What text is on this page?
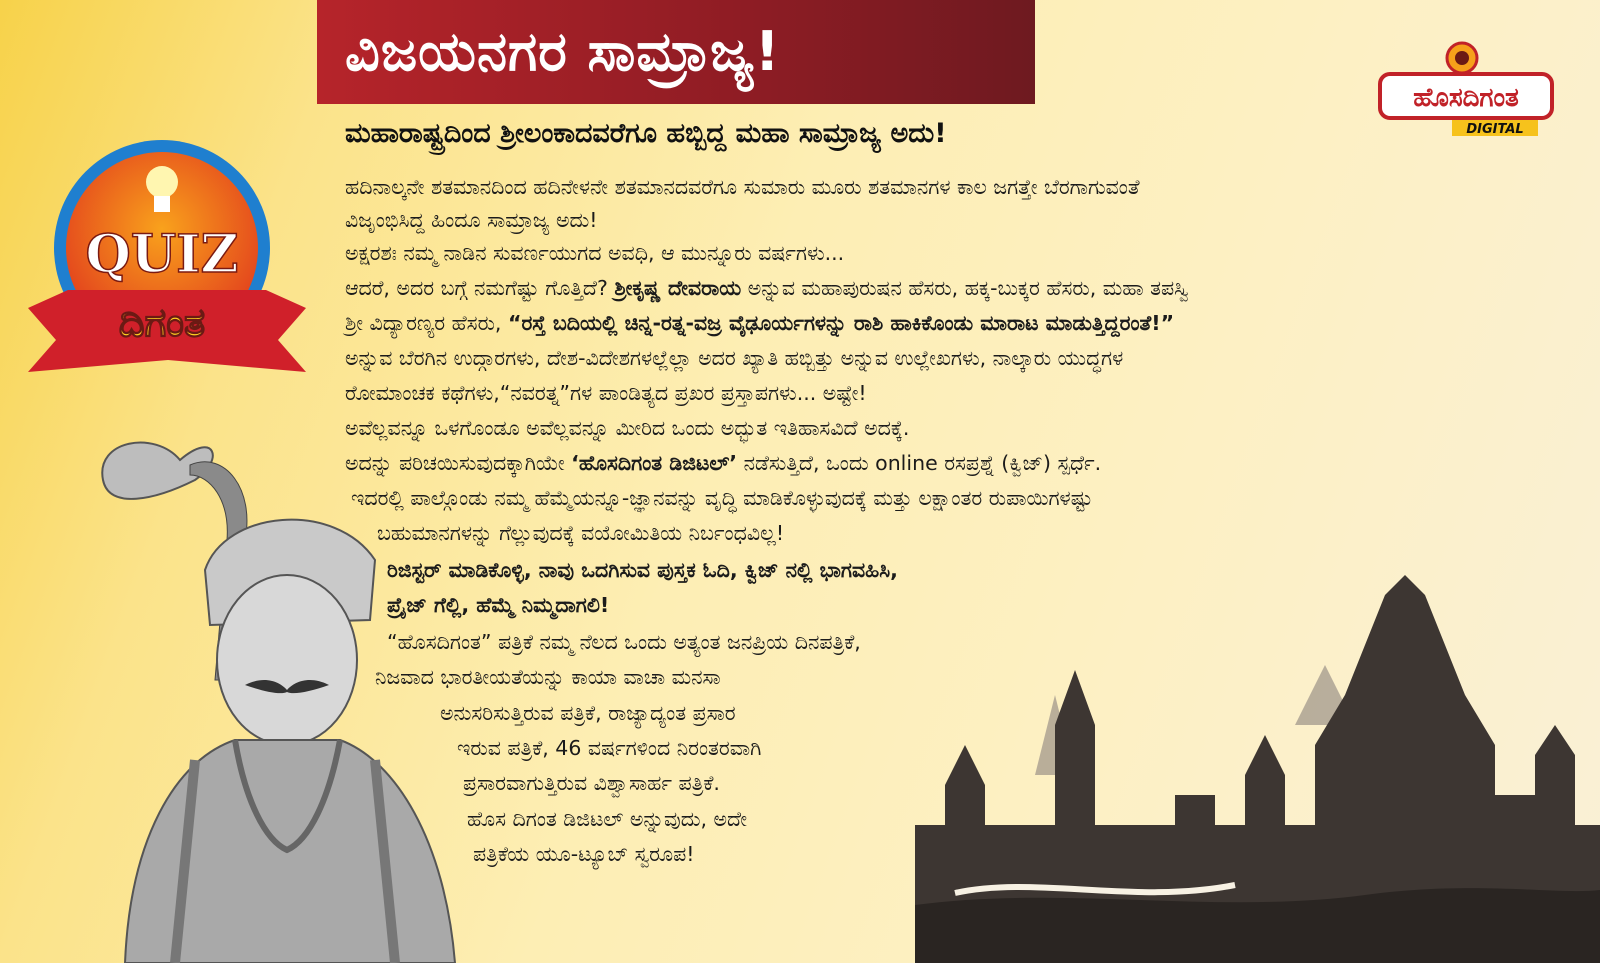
ವಿಜಯನಗರ ಸಾಮ್ರಾಜ್ಯ!
ಹೊಸದಿಗಂತ
DIGITAL
QUIZ
ದಿಗಂತ
ಮಹಾರಾಷ್ಟ್ರದಿಂದ ಶ್ರೀಲಂಕಾದವರೆಗೂ ಹಬ್ಬಿದ್ದ ಮಹಾ ಸಾಮ್ರಾಜ್ಯ ಅದು!
ಹದಿನಾಲ್ಕನೇ ಶತಮಾನದಿಂದ ಹದಿನೇಳನೇ ಶತಮಾನದವರೆಗೂ ಸುಮಾರು ಮೂರು ಶತಮಾನಗಳ ಕಾಲ ಜಗತ್ತೇ ಬೆರಗಾಗುವಂತೆ
ವಿಜೃಂಭಿಸಿದ್ದ ಹಿಂದೂ ಸಾಮ್ರಾಜ್ಯ ಅದು!
ಅಕ್ಷರಶಃ ನಮ್ಮ ನಾಡಿನ ಸುವರ್ಣಯುಗದ ಅವಧಿ, ಆ ಮುನ್ನೂರು ವರ್ಷಗಳು...
ಆದರೆ, ಅದರ ಬಗ್ಗೆ ನಮಗೆಷ್ಟು ಗೊತ್ತಿದೆ? ಶ್ರೀಕೃಷ್ಣ ದೇವರಾಯ ಅನ್ನುವ ಮಹಾಪುರುಷನ ಹೆಸರು, ಹಕ್ಕ-ಬುಕ್ಕರ ಹೆಸರು, ಮಹಾ ತಪಸ್ವಿ
ಶ್ರೀ ವಿದ್ಯಾರಣ್ಯರ ಹೆಸರು, “ರಸ್ತೆ ಬದಿಯಲ್ಲಿ ಚಿನ್ನ-ರತ್ನ-ವಜ್ರ ವೈಢೂರ್ಯಗಳನ್ನು ರಾಶಿ ಹಾಕಿಕೊಂಡು ಮಾರಾಟ ಮಾಡುತ್ತಿದ್ದರಂತೆ!”
ಅನ್ನುವ ಬೆರಗಿನ ಉದ್ಗಾರಗಳು, ದೇಶ-ವಿದೇಶಗಳಲ್ಲೆಲ್ಲಾ ಅದರ ಖ್ಯಾತಿ ಹಬ್ಬಿತ್ತು ಅನ್ನುವ ಉಲ್ಲೇಖಗಳು, ನಾಲ್ಕಾರು ಯುದ್ಧಗಳ
ರೋಮಾಂಚಕ ಕಥೆಗಳು,“ನವರತ್ನ”ಗಳ ಪಾಂಡಿತ್ಯದ ಪ್ರಖರ ಪ್ರಸ್ತಾಪಗಳು... ಅಷ್ಟೇ!
ಅವೆಲ್ಲವನ್ನೂ ಒಳಗೊಂಡೂ ಅವೆಲ್ಲವನ್ನೂ ಮೀರಿದ ಒಂದು ಅದ್ಭುತ ಇತಿಹಾಸವಿದೆ ಅದಕ್ಕೆ.
ಅದನ್ನು ಪರಿಚಯಿಸುವುದಕ್ಕಾಗಿಯೇ ‘ಹೊಸದಿಗಂತ ಡಿಜಿಟಲ್’ ನಡೆಸುತ್ತಿದೆ, ಒಂದು online ರಸಪ್ರಶ್ನೆ (ಕ್ವಿಜ್) ಸ್ಪರ್ಧೆ.
ಇದರಲ್ಲಿ ಪಾಲ್ಗೊಂಡು ನಮ್ಮ ಹೆಮ್ಮೆಯನ್ನೂ-ಜ್ಞಾನವನ್ನು ವೃದ್ಧಿ ಮಾಡಿಕೊಳ್ಳುವುದಕ್ಕೆ ಮತ್ತು ಲಕ್ಷಾಂತರ ರುಪಾಯಿಗಳಷ್ಟು
ಬಹುಮಾನಗಳನ್ನು ಗೆಲ್ಲುವುದಕ್ಕೆ ವಯೋಮಿತಿಯ ನಿರ್ಬಂಧವಿಲ್ಲ!
ರಿಜಿಸ್ಟರ್ ಮಾಡಿಕೊಳ್ಳಿ, ನಾವು ಒದಗಿಸುವ ಪುಸ್ತಕ ಓದಿ, ಕ್ವಿಜ್ ನಲ್ಲಿ ಭಾಗವಹಿಸಿ,
ಪ್ರೈಜ್ ಗೆಲ್ಲಿ, ಹೆಮ್ಮೆ ನಿಮ್ಮದಾಗಲಿ!
“ಹೊಸದಿಗಂತ” ಪತ್ರಿಕೆ ನಮ್ಮ ನೆಲದ ಒಂದು ಅತ್ಯಂತ ಜನಪ್ರಿಯ ದಿನಪತ್ರಿಕೆ,
ನಿಜವಾದ ಭಾರತೀಯತೆಯನ್ನು ಕಾಯಾ ವಾಚಾ ಮನಸಾ
ಅನುಸರಿಸುತ್ತಿರುವ ಪತ್ರಿಕೆ, ರಾಜ್ಯಾದ್ಯಂತ ಪ್ರಸಾರ
ಇರುವ ಪತ್ರಿಕೆ, 46 ವರ್ಷಗಳಿಂದ ನಿರಂತರವಾಗಿ
ಪ್ರಸಾರವಾಗುತ್ತಿರುವ ವಿಶ್ವಾಸಾರ್ಹ ಪತ್ರಿಕೆ.
ಹೊಸ ದಿಗಂತ ಡಿಜಿಟಲ್ ಅನ್ನುವುದು, ಅದೇ
ಪತ್ರಿಕೆಯ ಯೂ-ಟ್ಯೂಬ್ ಸ್ವರೂಪ!
